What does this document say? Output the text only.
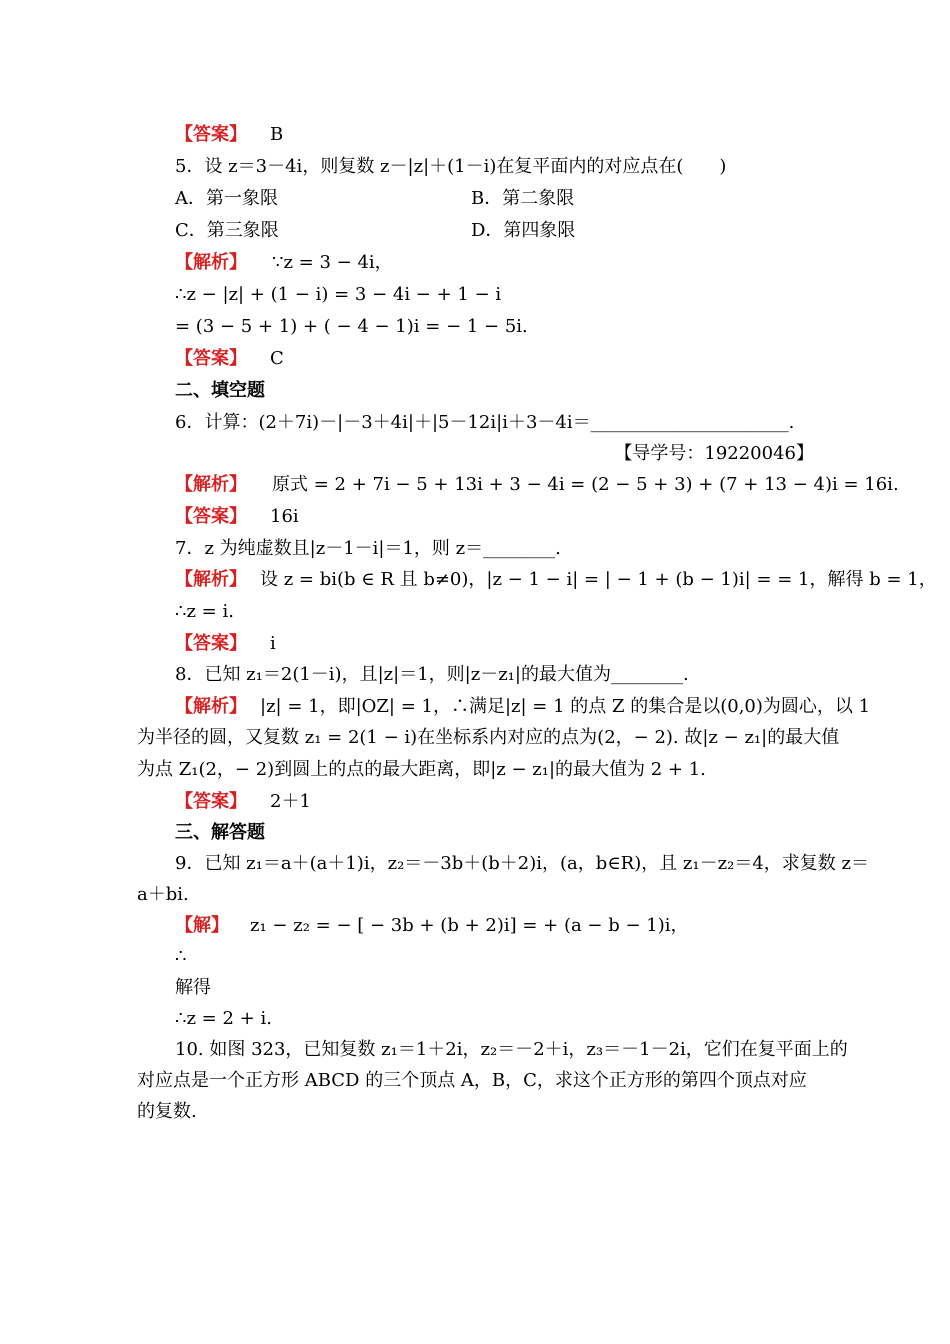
【答案】 B
5．设 z＝3－4i，则复数 z－|z|＋(1－i)在复平面内的对应点在(　　)
A．第一象限	B．第二象限
C．第三象限	D．第四象限
【解析】 ∵z = 3 − 4i，
∴z − |z| + (1 − i) = 3 − 4i − + 1 − i
= (3 − 5 + 1) + ( − 4 − 1)i = − 1 − 5i.
【答案】 C
二、填空题
6．计算：(2＋7i)－|－3＋4i|＋|5－12i|i＋3－4i＝______________________.
【导学号：19220046】
【解析】 原式 = 2 + 7i − 5 + 13i + 3 − 4i = (2 − 5 + 3) + (7 + 13 − 4)i = 16i.
【答案】 16i
7．z 为纯虚数且|z－1－i|＝1，则 z＝________.
【解析】 设 z = bi(b ∈ R 且 b≠0)，|z − 1 − i| = | − 1 + (b − 1)i| = = 1，解得 b = 1，
∴z = i.
【答案】 i
8．已知 z₁＝2(1－i)，且|z|＝1，则|z－z₁|的最大值为________.
【解析】 |z| = 1，即|OZ| = 1，∴满足|z| = 1 的点 Z 的集合是以(0,0)为圆心，以 1
为半径的圆，又复数 z₁ = 2(1 − i)在坐标系内对应的点为(2，− 2). 故|z − z₁|的最大值
为点 Z₁(2，− 2)到圆上的点的最大距离，即|z − z₁|的最大值为 2 + 1.
【答案】 2＋1
三、解答题
9．已知 z₁＝a＋(a＋1)i，z₂＝－3b＋(b＋2)i，(a，b∈R)，且 z₁－z₂＝4，求复数 z＝
a＋bi.
【解】 z₁ − z₂ = − [ − 3b + (b + 2)i] = + (a − b − 1)i，
∴
解得
∴z = 2 + i.
10. 如图 323，已知复数 z₁＝1＋2i，z₂＝－2＋i，z₃＝－1－2i，它们在复平面上的
对应点是一个正方形 ABCD 的三个顶点 A，B，C，求这个正方形的第四个顶点对应
的复数.
